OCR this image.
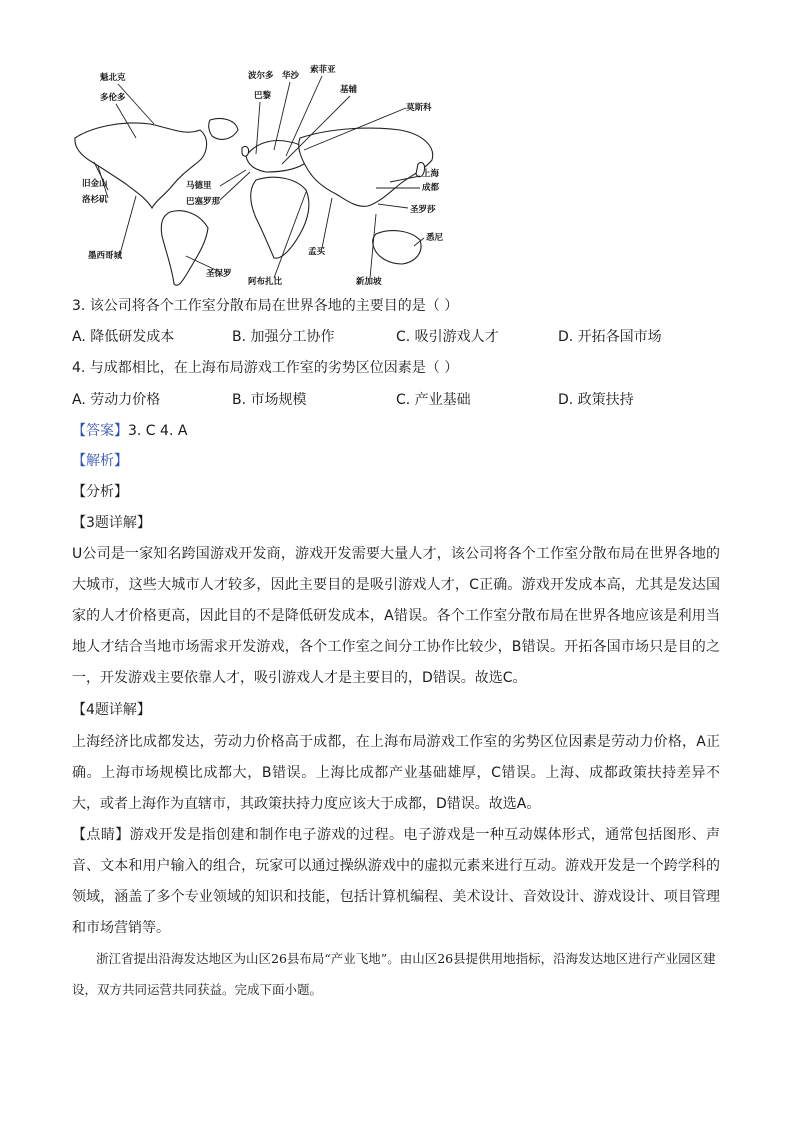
魁北克
多伦多
波尔多 华沙
索菲亚
巴黎
基辅
莫斯科
旧金山
洛杉矶
马德里
巴塞罗那
上海
成都
圣罗莎
墨西哥城
圣保罗
孟买
阿布扎比	新加坡
悉尼
3. 该公司将各个工作室分散布局在世界各地的主要目的是（ ）
A. 降低研发成本	B. 加强分工协作	C. 吸引游戏人才	D. 开拓各国市场
4. 与成都相比，在上海布局游戏工作室的劣势区位因素是（ ）
A. 劳动力价格	B. 市场规模	C. 产业基础	D. 政策扶持
【答案】3. C 4. A
【解析】
【分析】
【3题详解】
U公司是一家知名跨国游戏开发商，游戏开发需要大量人才，该公司将各个工作室分散布局在世界各地的大城市，这些大城市人才较多，因此主要目的是吸引游戏人才，C正确。游戏开发成本高，尤其是发达国家的人才价格更高，因此目的不是降低研发成本，A错误。各个工作室分散布局在世界各地应该是利用当地人才结合当地市场需求开发游戏，各个工作室之间分工协作比较少，B错误。开拓各国市场只是目的之一，开发游戏主要依靠人才，吸引游戏人才是主要目的，D错误。故选C。
【4题详解】
上海经济比成都发达，劳动力价格高于成都，在上海布局游戏工作室的劣势区位因素是劳动力价格，A正确。上海市场规模比成都大，B错误。上海比成都产业基础雄厚，C错误。上海、成都政策扶持差异不大，或者上海作为直辖市，其政策扶持力度应该大于成都，D错误。故选A。
【点睛】游戏开发是指创建和制作电子游戏的过程。电子游戏是一种互动媒体形式，通常包括图形、声音、文本和用户输入的组合，玩家可以通过操纵游戏中的虚拟元素来进行互动。游戏开发是一个跨学科的领域，涵盖了多个专业领域的知识和技能，包括计算机编程、美术设计、音效设计、游戏设计、项目管理和市场营销等。
浙江省提出沿海发达地区为山区26县布局“产业飞地”。由山区26县提供用地指标，沿海发达地区进行产业园区建设，双方共同运营共同获益。完成下面小题。
